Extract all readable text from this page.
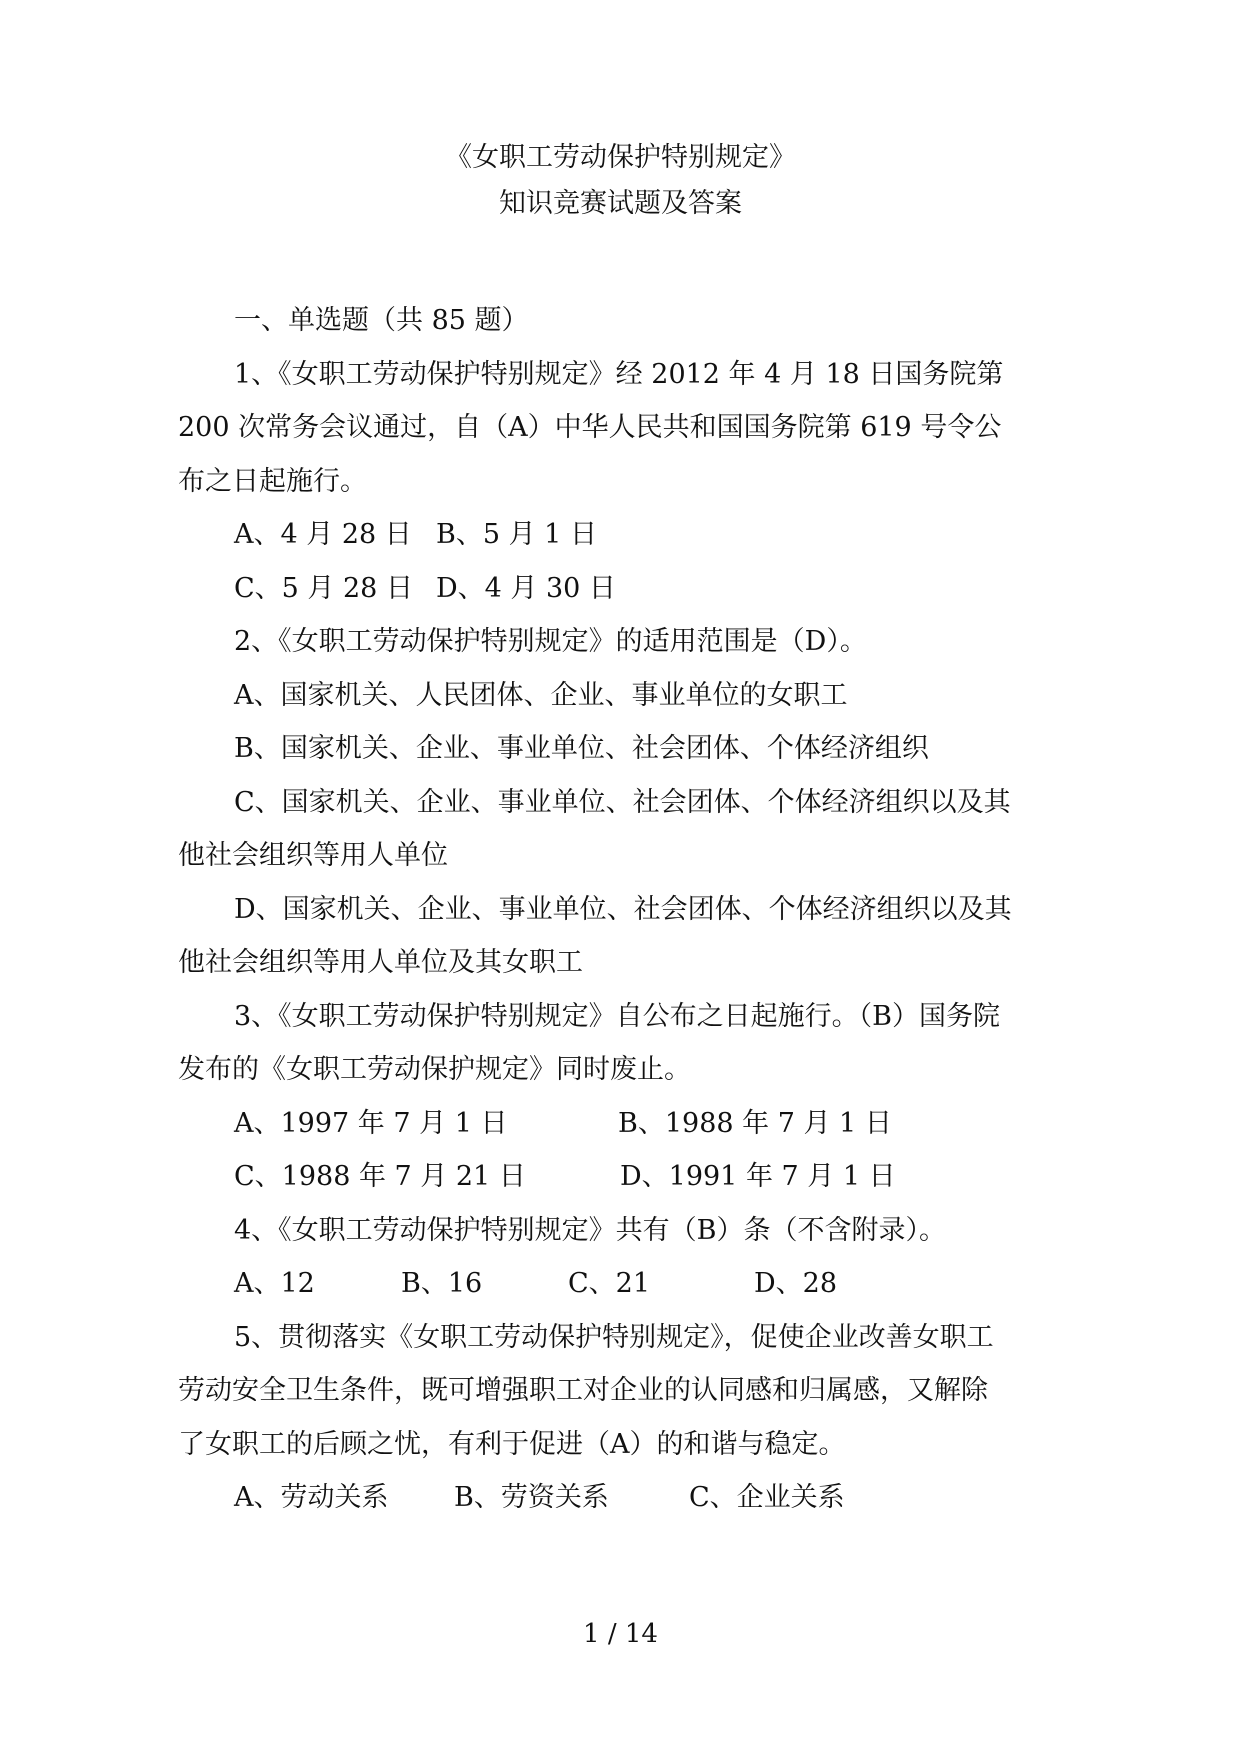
《女职工劳动保护特别规定》
知识竞赛试题及答案

一、单选题（共 85 题）

1、《女职工劳动保护特别规定》经 2012 年 4 月 18 日国务院第

200 次常务会议通过，自（A）中华人民共和国国务院第 619 号令公

布之日起施行。

A、4 月 28 日 B、5 月 1 日
C、5 月 28 日 D、4 月 30 日

2、《女职工劳动保护特别规定》的适用范围是（D）。

A、国家机关、人民团体、企业、事业单位的女职工

B、国家机关、企业、事业单位、社会团体、个体经济组织

C、国家机关、企业、事业单位、社会团体、个体经济组织以及其

他社会组织等用人单位

D、国家机关、企业、事业单位、社会团体、个体经济组织以及其

他社会组织等用人单位及其女职工

3、《女职工劳动保护特别规定》自公布之日起施行。（B）国务院

发布的《女职工劳动保护规定》同时废止。

A、1997 年 7 月 1 日	B、1988 年 7 月 1 日
C、1988 年 7 月 21 日	D、1991 年 7 月 1 日

4、《女职工劳动保护特别规定》共有（B）条（不含附录）。

A、12	B、16	C、21	D、28

5、贯彻落实《女职工劳动保护特别规定》，促使企业改善女职工

劳动安全卫生条件，既可增强职工对企业的认同感和归属感，又解除

了女职工的后顾之忧，有利于促进（A）的和谐与稳定。

A、劳动关系	B、劳资关系	C、企业关系
1 / 14
